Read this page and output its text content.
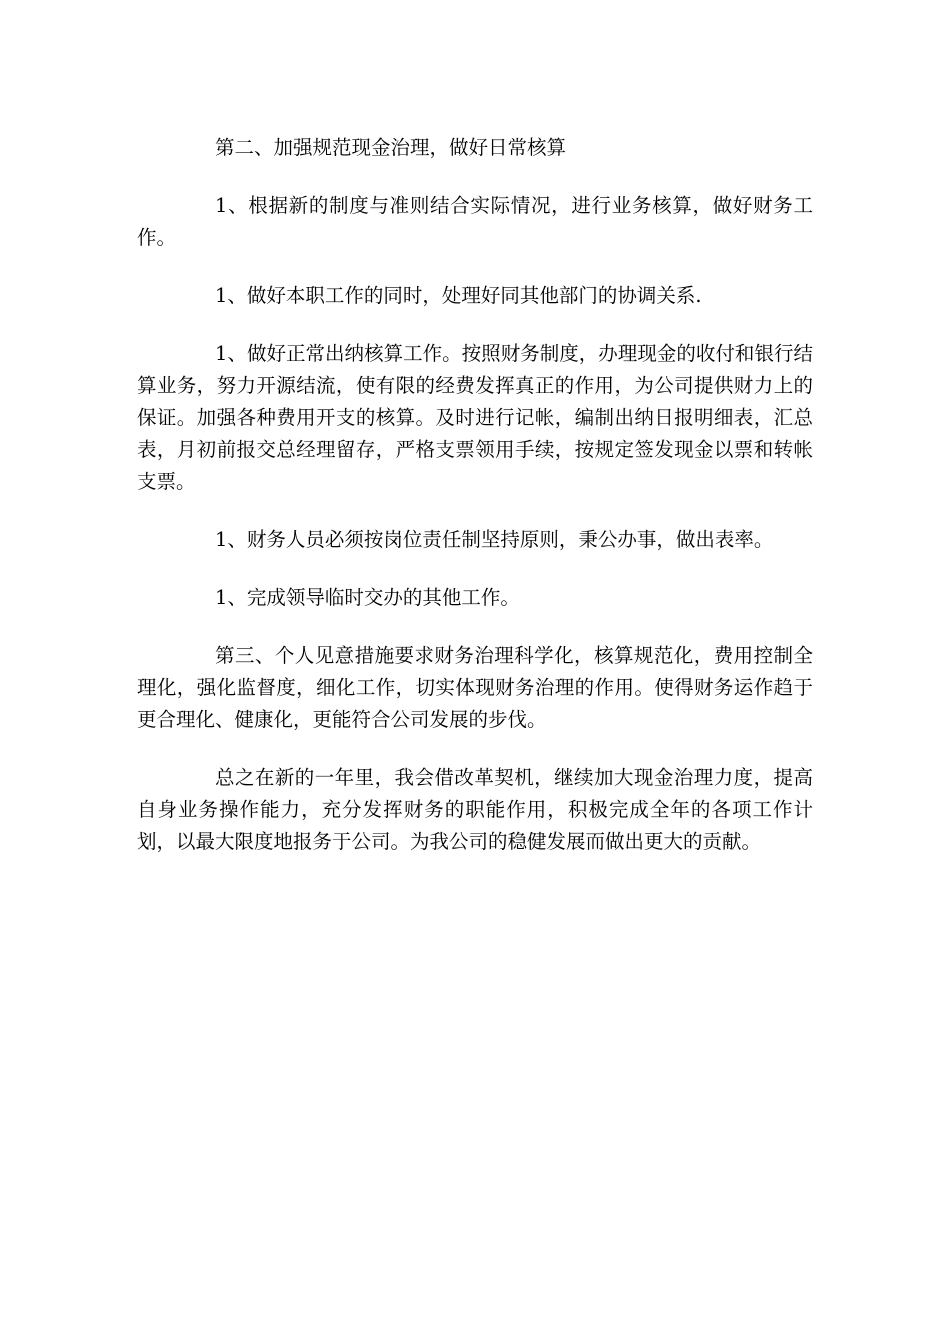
第二、加强规范现金治理，做好日常核算

1、根据新的制度与准则结合实际情况，进行业务核算，做好财务工作。

1、做好本职工作的同时，处理好同其他部门的协调关系.

1、做好正常出纳核算工作。按照财务制度，办理现金的收付和银行结算业务，努力开源结流，使有限的经费发挥真正的作用，为公司提供财力上的保证。加强各种费用开支的核算。及时进行记帐，编制出纳日报明细表，汇总表，月初前报交总经理留存，严格支票领用手续，按规定签发现金以票和转帐支票。

1、财务人员必须按岗位责任制坚持原则，秉公办事，做出表率。

1、完成领导临时交办的其他工作。

第三、个人见意措施要求财务治理科学化，核算规范化，费用控制全理化，强化监督度，细化工作，切实体现财务治理的作用。使得财务运作趋于更合理化、健康化，更能符合公司发展的步伐。

总之在新的一年里，我会借改革契机，继续加大现金治理力度，提高自身业务操作能力，充分发挥财务的职能作用，积极完成全年的各项工作计划，以最大限度地报务于公司。为我公司的稳健发展而做出更大的贡献。
